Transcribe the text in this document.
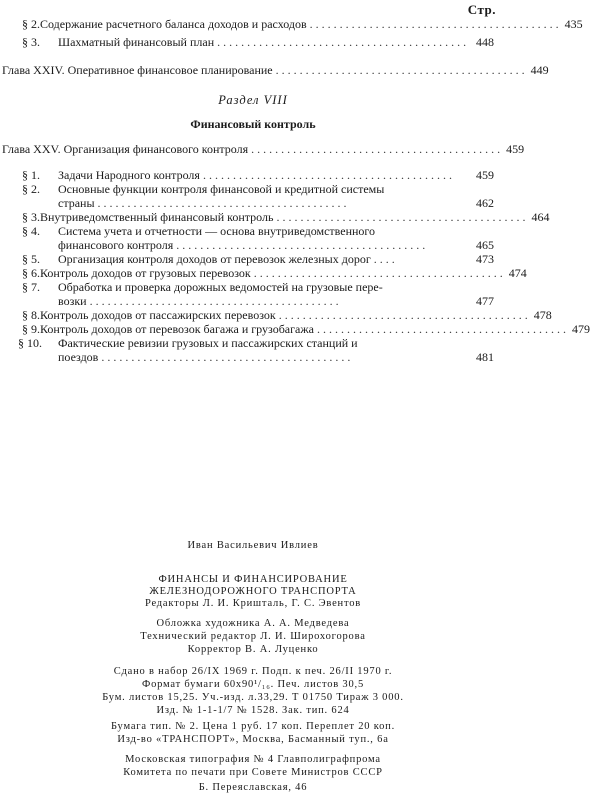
Стр.
§ 2. Содержание расчетного баланса доходов и расходов .......................................... 435
§ 3.	Шахматный финансовый план .......................................... 448
Глава XXIV. Оперативное финансовое планирование .......................................... 449
Раздел VIII
Финансовый контроль
Глава XXV. Организация финансового контроля .......................................... 459
§ 1.	Задачи Народного контроля ..........................................	459
§ 2. Основные функции контроля финансовой и кредитной системы
страны ..........................................	462
§ 3. Внутриведомственный финансовый контроль .......................................... 464
§ 4. Система учета и отчетности — основа внутриведомственного
финансового контроля ..........................................	465
§ 5.	Организация контроля доходов от перевозок железных дорог ....	473
§ 6. Контроль доходов от грузовых перевозок .......................................... 474
§ 7. Обработка и проверка дорожных ведомостей на грузовые пере-
возки ..........................................	477
§ 8. Контроль доходов от пассажирских перевозок .......................................... 478
§ 9. Контроль доходов от перевозок багажа и грузобагажа .......................................... 479
§ 10. Фактические ревизии грузовых и пассажирских станций и
поездов ..........................................	481
Иван Васильевич Ивлиев
ФИНАНСЫ И ФИНАНСИРОВАНИЕ
ЖЕЛЕЗНОДОРОЖНОГО ТРАНСПОРТА
Редакторы Л. И. Кришталь, Г. С. Эвентов
Обложка художника А. А. Медведева
Технический редактор Л. И. Широхогорова
Корректор В. А. Луценко
Сдано в набор 26/IX 1969 г. Подп. к печ. 26/II 1970 г.
Формат бумаги 60x90¹/₁₆. Печ. листов 30,5
Бум. листов 15,25. Уч.-изд. л.33,29. Т 01750 Тираж 3 000.
Изд. № 1-1-1/7 № 1528. Зак. тип. 624
Бумага тип. № 2. Цена 1 руб. 17 коп. Переплет 20 коп.
Изд-во «ТРАНСПОРТ», Москва, Басманный туп., 6а
Московская типография № 4 Главполиграфпрома
Комитета по печати при Совете Министров СССР
Б. Переяславская, 46
